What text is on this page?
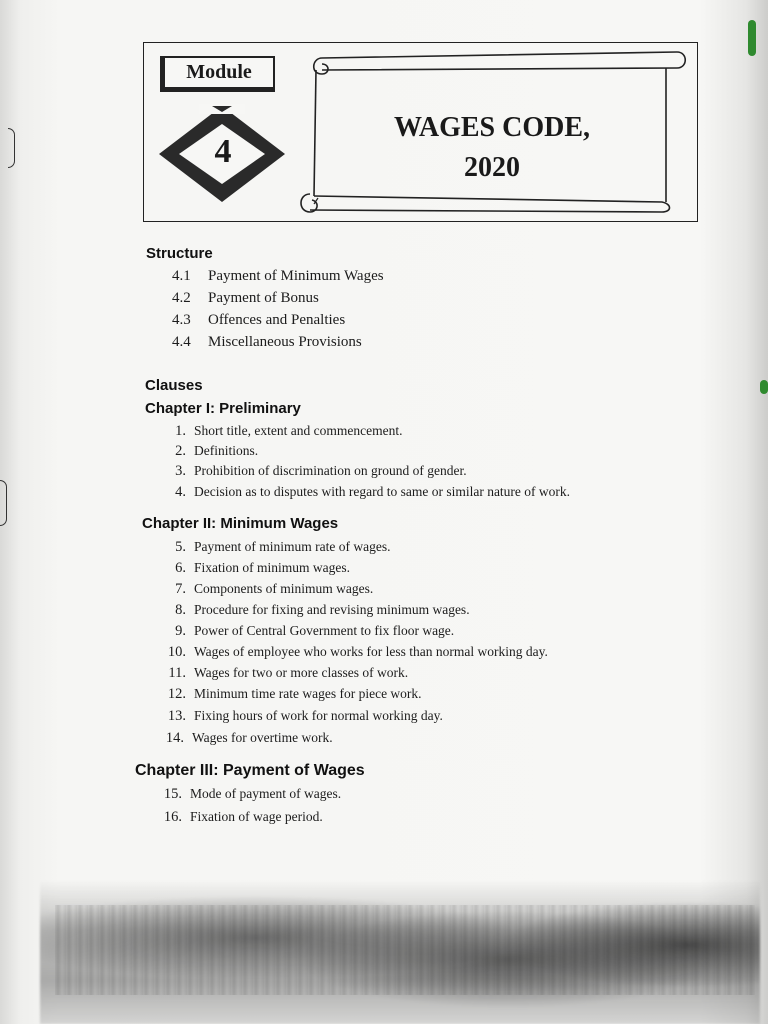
Module
4
WAGES CODE,
2020
Structure
4.1 Payment of Minimum Wages
4.2 Payment of Bonus
4.3 Offences and Penalties
4.4 Miscellaneous Provisions
Clauses
Chapter I: Preliminary
1. Short title, extent and commencement.
2. Definitions.
3. Prohibition of discrimination on ground of gender.
4. Decision as to disputes with regard to same or similar nature of work.
Chapter II: Minimum Wages
5. Payment of minimum rate of wages.
6. Fixation of minimum wages.
7. Components of minimum wages.
8. Procedure for fixing and revising minimum wages.
9. Power of Central Government to fix floor wage.
10. Wages of employee who works for less than normal working day.
11. Wages for two or more classes of work.
12. Minimum time rate wages for piece work.
13. Fixing hours of work for normal working day.
14. Wages for overtime work.
Chapter III: Payment of Wages
15. Mode of payment of wages.
16. Fixation of wage period.
